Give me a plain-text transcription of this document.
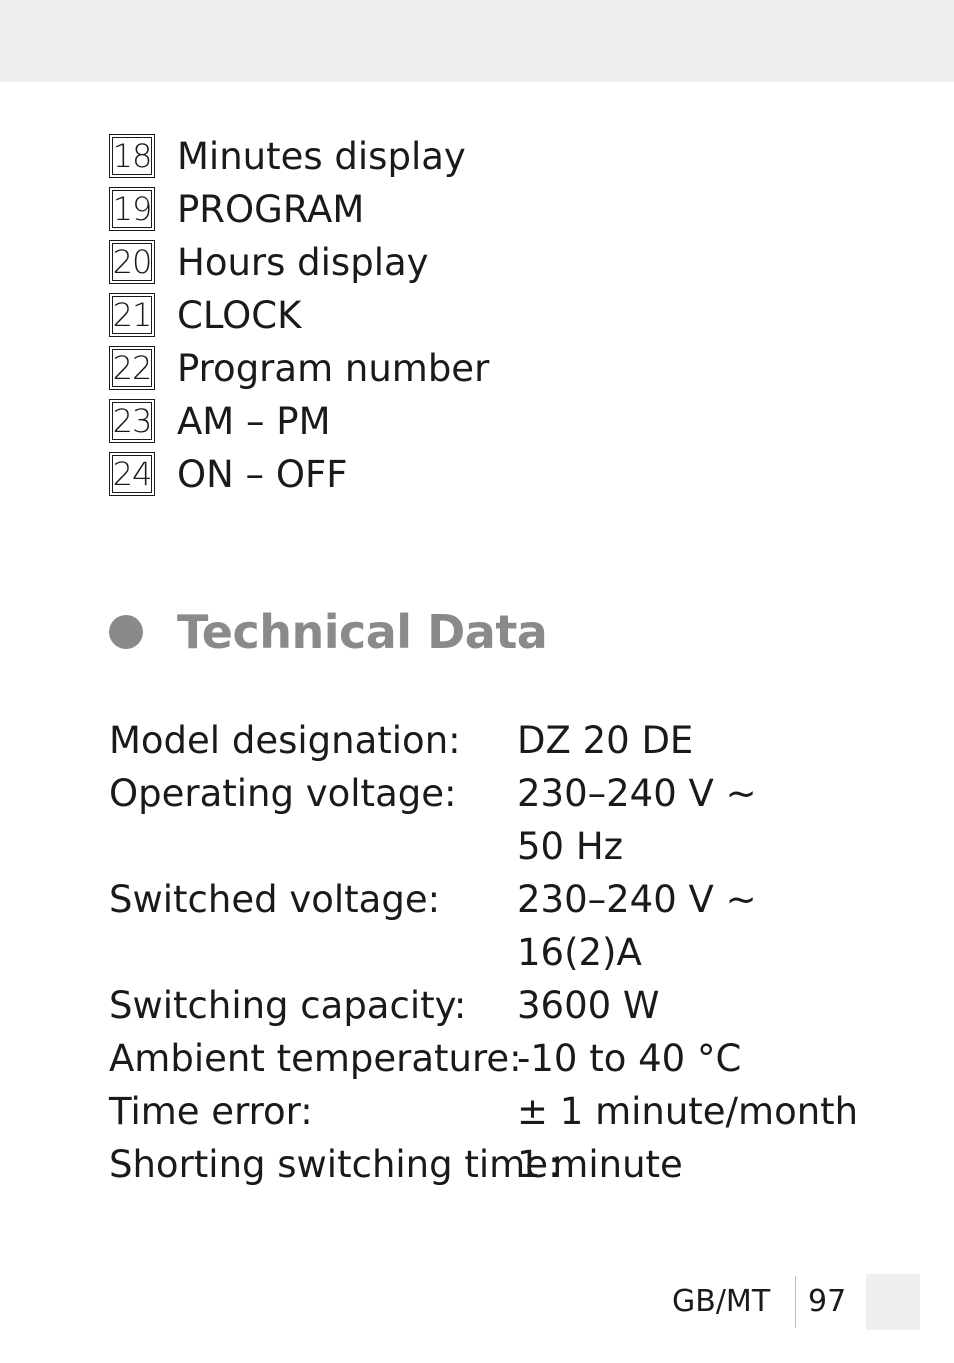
18 Minutes display
19 PROGRAM
20 Hours display
21 CLOCK
22 Program number
23 AM – PM
24 ON – OFF
Technical Data
Model designation: DZ 20 DE
Operating voltage: 230–240 V ~
50 Hz
Switched voltage: 230–240 V ~
16(2)A
Switching capacity: 3600 W
Ambient temperature:
-10 to 40 °C
Time error:	± 1 minute/month
Shorting switching time:
1 minute
GB/MT 97
